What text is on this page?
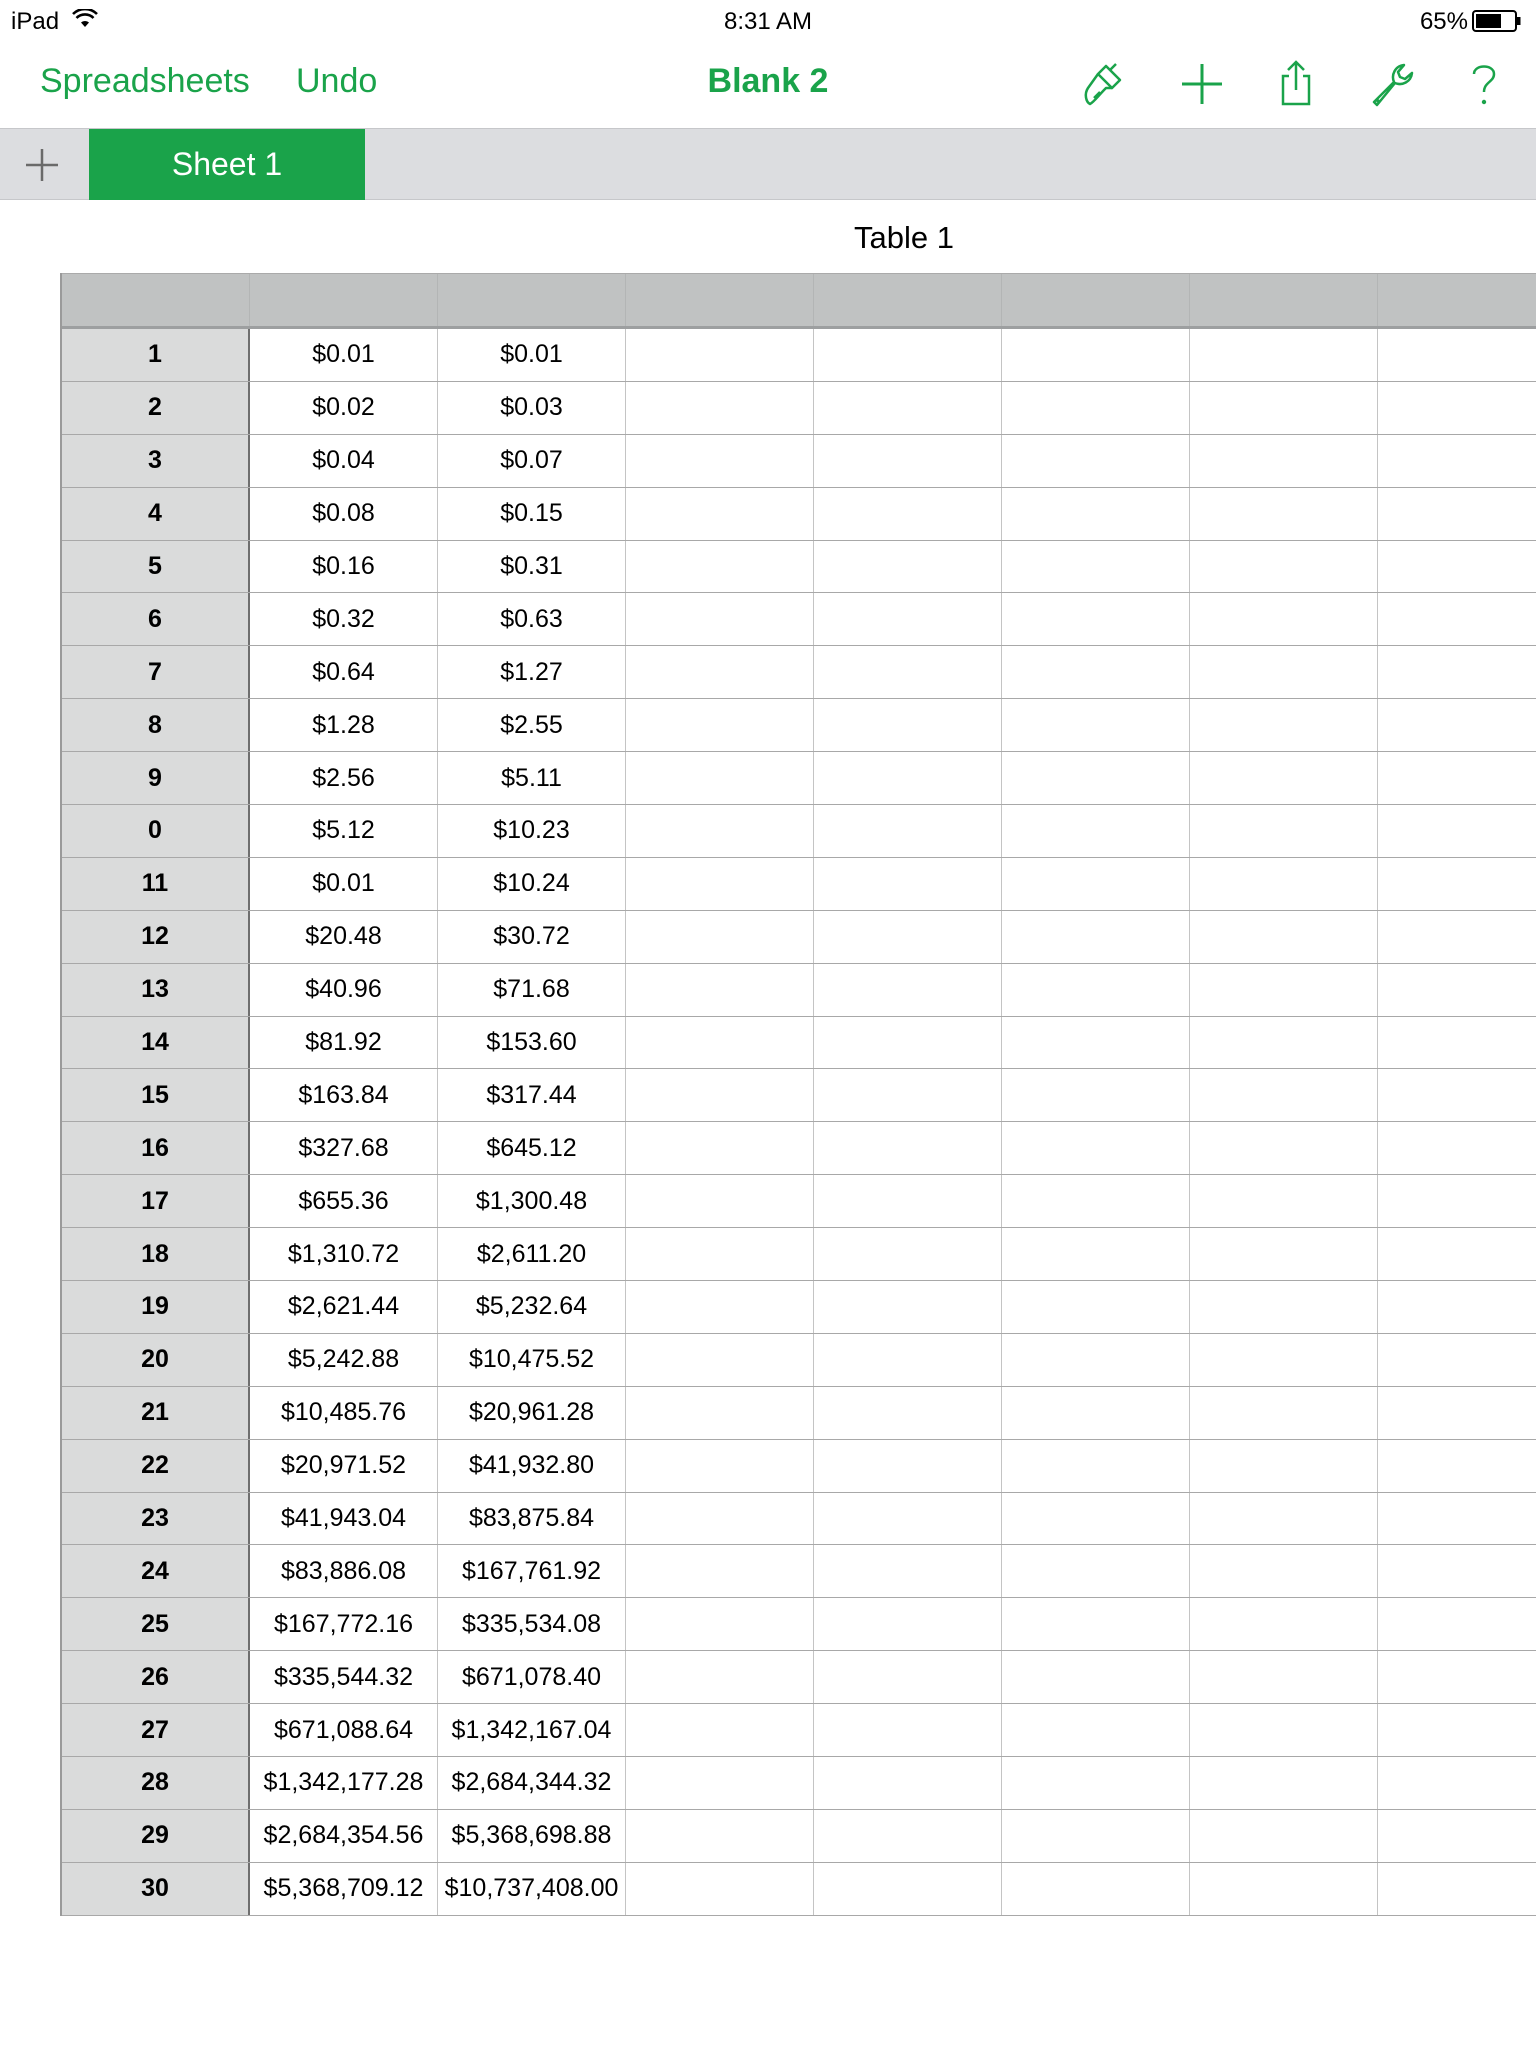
iPad	8:31 AM	65%
Spreadsheets Undo	Blank 2
Sheet 1
Table 1
1	$0.01	$0.01
2	$0.02	$0.03
3	$0.04	$0.07
4	$0.08	$0.15
5	$0.16	$0.31
6	$0.32	$0.63
7	$0.64	$1.27
8	$1.28	$2.55
9	$2.56	$5.11
0	$5.12	$10.23
11	$0.01	$10.24
12	$20.48	$30.72
13	$40.96	$71.68
14	$81.92	$153.60
15	$163.84	$317.44
16	$327.68	$645.12
17	$655.36	$1,300.48
18	$1,310.72	$2,611.20
19	$2,621.44	$5,232.64
20	$5,242.88	$10,475.52
21	$10,485.76	$20,961.28
22	$20,971.52	$41,932.80
23	$41,943.04	$83,875.84
24	$83,886.08	$167,761.92
25	$167,772.16	$335,534.08
26	$335,544.32	$671,078.40
27	$671,088.64	$1,342,167.04
28	$1,342,177.28	$2,684,344.32
29	$2,684,354.56	$5,368,698.88
30	$5,368,709.12 $10,737,408.00
